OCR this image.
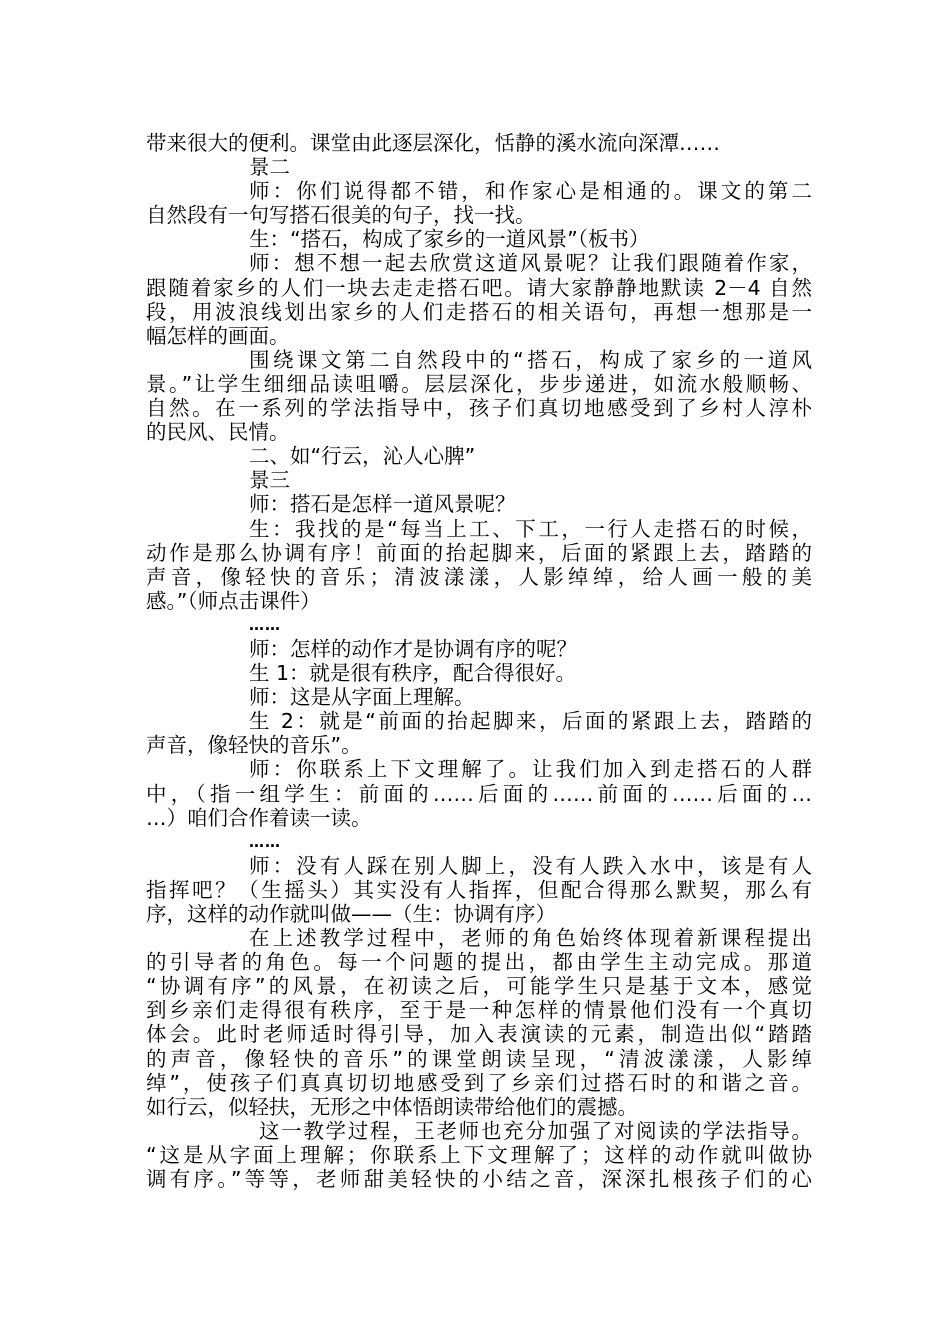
带来很大的便利。课堂由此逐层深化，恬静的溪水流向深潭……
景二
师：你们说得都不错，和作家心是相通的。课文的第二
自然段有一句写搭石很美的句子，找一找。
生：“搭石，构成了家乡的一道风景”（板书）
师：想不想一起去欣赏这道风景呢？让我们跟随着作家，
跟随着家乡的人们一块去走走搭石吧。请大家静静地默读 2－4 自然
段，用波浪线划出家乡的人们走搭石的相关语句，再想一想那是一
幅怎样的画面。
围绕课文第二自然段中的“搭石，构成了家乡的一道风
景。”让学生细细品读咀嚼。层层深化，步步递进，如流水般顺畅、
自然。在一系列的学法指导中，孩子们真切地感受到了乡村人淳朴
的民风、民情。
二、如“行云，沁人心脾”
景三
师：搭石是怎样一道风景呢？
生：我找的是“每当上工、下工，一行人走搭石的时候，
动作是那么协调有序！前面的抬起脚来，后面的紧跟上去，踏踏的
声音，像轻快的音乐；清波漾漾，人影绰绰，给人画一般的美
感。”（师点击课件）
……
师：怎样的动作才是协调有序的呢？
生 1：就是很有秩序，配合得很好。
师：这是从字面上理解。
生 2：就是“前面的抬起脚来，后面的紧跟上去，踏踏的
声音，像轻快的音乐”。
师：你联系上下文理解了。让我们加入到走搭石的人群
中，（指一组学生：前面的……后面的……前面的……后面的…
…）咱们合作着读一读。
……
师：没有人踩在别人脚上，没有人跌入水中，该是有人
指挥吧？（生摇头）其实没有人指挥，但配合得那么默契，那么有
序，这样的动作就叫做——（生：协调有序）
在上述教学过程中，老师的角色始终体现着新课程提出
的引导者的角色。每一个问题的提出，都由学生主动完成。那道
“协调有序”的风景，在初读之后，可能学生只是基于文本，感觉
到乡亲们走得很有秩序，至于是一种怎样的情景他们没有一个真切
体会。此时老师适时得引导，加入表演读的元素，制造出似“踏踏
的声音，像轻快的音乐”的课堂朗读呈现，“清波漾漾，人影绰
绰”，使孩子们真真切切地感受到了乡亲们过搭石时的和谐之音。
如行云，似轻扶，无形之中体悟朗读带给他们的震撼。
这一教学过程，王老师也充分加强了对阅读的学法指导。
“这是从字面上理解；你联系上下文理解了；这样的动作就叫做协
调有序。”等等，老师甜美轻快的小结之音，深深扎根孩子们的心
